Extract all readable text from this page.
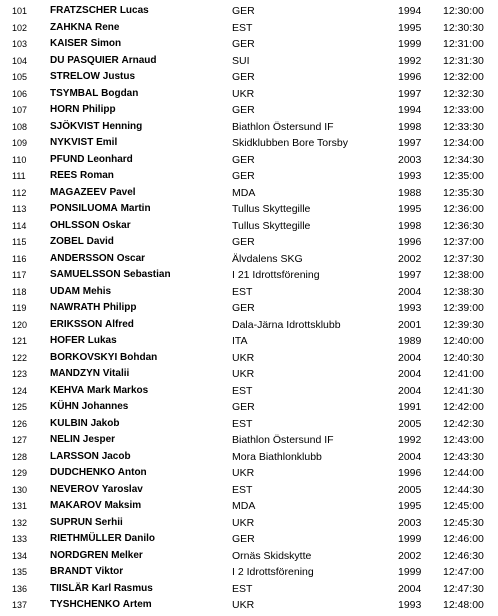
101 FRATZSCHER Lucas	GER	1994 12:30:00
102 ZAHKNA Rene	EST	1995 12:30:30
103 KAISER Simon	GER	1999 12:31:00
104 DU PASQUIER Arnaud	SUI	1992 12:31:30
105 STRELOW Justus	GER	1996 12:32:00
106 TSYMBAL Bogdan	UKR	1997 12:32:30
107 HORN Philipp	GER	1994 12:33:00
108 SJÖKVIST Henning	Biathlon Östersund IF	1998 12:33:30
109 NYKVIST Emil	Skidklubben Bore Torsby	1997 12:34:00
110 PFUND Leonhard	GER	2003 12:34:30
111 REES Roman	GER	1993 12:35:00
112 MAGAZEEV Pavel	MDA	1988 12:35:30
113 PONSILUOMA Martin	Tullus Skyttegille	1995 12:36:00
114 OHLSSON Oskar	Tullus Skyttegille	1998 12:36:30
115 ZOBEL David	GER	1996 12:37:00
116 ANDERSSON Oscar	Älvdalens SKG	2002 12:37:30
117 SAMUELSSON Sebastian	I 21 Idrottsförening	1997 12:38:00
118 UDAM Mehis	EST	2004 12:38:30
119 NAWRATH Philipp	GER	1993 12:39:00
120 ERIKSSON Alfred	Dala-Järna Idrottsklubb	2001 12:39:30
121 HOFER Lukas	ITA	1989 12:40:00
122 BORKOVSKYI Bohdan	UKR	2004 12:40:30
123 MANDZYN Vitalii	UKR	2004 12:41:00
124 KEHVA Mark Markos	EST	2004 12:41:30
125 KÜHN Johannes	GER	1991 12:42:00
126 KULBIN Jakob	EST	2005 12:42:30
127 NELIN Jesper	Biathlon Östersund IF	1992 12:43:00
128 LARSSON Jacob	Mora Biathlonklubb	2004 12:43:30
129 DUDCHENKO Anton	UKR	1996 12:44:00
130 NEVEROV Yaroslav	EST	2005 12:44:30
131 MAKAROV Maksim	MDA	1995 12:45:00
132 SUPRUN Serhii	UKR	2003 12:45:30
133 RIETHMÜLLER Danilo	GER	1999 12:46:00
134 NORDGREN Melker	Ornäs Skidskytte	2002 12:46:30
135 BRANDT Viktor	I 2 Idrottsförening	1999 12:47:00
136 TIISLÄR Karl Rasmus	EST	2004 12:47:30
137 TYSHCHENKO Artem	UKR	1993 12:48:00
